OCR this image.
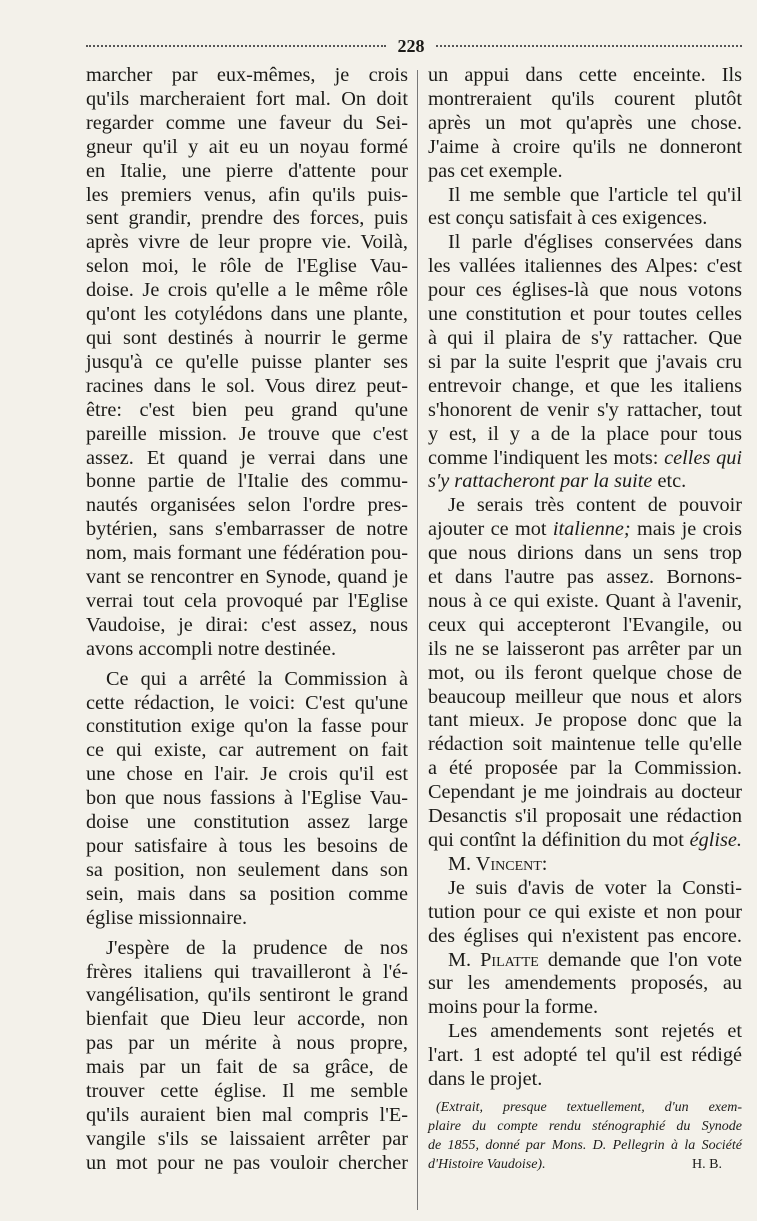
228

marcher par eux-mêmes, je crois
qu'ils marcheraient fort mal. On doit
regarder comme une faveur du Sei-
gneur qu'il y ait eu un noyau formé
en Italie, une pierre d'attente pour
les premiers venus, afin qu'ils puis-
sent grandir, prendre des forces, puis
après vivre de leur propre vie. Voilà,
selon moi, le rôle de l'Eglise Vau-
doise. Je crois qu'elle a le même rôle
qu'ont les cotylédons dans une plante,
qui sont destinés à nourrir le germe
jusqu'à ce qu'elle puisse planter ses
racines dans le sol. Vous direz peut-
être: c'est bien peu grand qu'une
pareille mission. Je trouve que c'est
assez. Et quand je verrai dans une
bonne partie de l'Italie des commu-
nautés organisées selon l'ordre pres-
bytérien, sans s'embarrasser de notre
nom, mais formant une fédération pou-
vant se rencontrer en Synode, quand je
verrai tout cela provoqué par l'Eglise
Vaudoise, je dirai: c'est assez, nous
avons accompli notre destinée.

Ce qui a arrêté la Commission à
cette rédaction, le voici: C'est qu'une
constitution exige qu'on la fasse pour
ce qui existe, car autrement on fait
une chose en l'air. Je crois qu'il est
bon que nous fassions à l'Eglise Vau-
doise une constitution assez large
pour satisfaire à tous les besoins de
sa position, non seulement dans son
sein, mais dans sa position comme
église missionnaire.

J'espère de la prudence de nos
frères italiens qui travailleront à l'é-
vangélisation, qu'ils sentiront le grand
bienfait que Dieu leur accorde, non
pas par un mérite à nous propre,
mais par un fait de sa grâce, de
trouver cette église. Il me semble
qu'ils auraient bien mal compris l'E-
vangile s'ils se laissaient arrêter par
un mot pour ne pas vouloir chercher

un appui dans cette enceinte. Ils
montreraient qu'ils courent plutôt
après un mot qu'après une chose.
J'aime à croire qu'ils ne donneront
pas cet exemple.

Il me semble que l'article tel qu'il
est conçu satisfait à ces exigences.

Il parle d'églises conservées dans
les vallées italiennes des Alpes: c'est
pour ces églises-là que nous votons
une constitution et pour toutes celles
à qui il plaira de s'y rattacher. Que
si par la suite l'esprit que j'avais cru
entrevoir change, et que les italiens
s'honorent de venir s'y rattacher, tout
y est, il y a de la place pour tous
comme l'indiquent les mots: celles qui
s'y rattacheront par la suite etc.

Je serais très content de pouvoir
ajouter ce mot italienne; mais je crois
que nous dirions dans un sens trop
et dans l'autre pas assez. Bornons-
nous à ce qui existe. Quant à l'avenir,
ceux qui accepteront l'Evangile, ou
ils ne se laisseront pas arrêter par un
mot, ou ils feront quelque chose de
beaucoup meilleur que nous et alors
tant mieux. Je propose donc que la
rédaction soit maintenue telle qu'elle
a été proposée par la Commission.
Cependant je me joindrais au docteur
Desanctis s'il proposait une rédaction
qui contînt la définition du mot église.

M. Vincent:

Je suis d'avis de voter la Consti-
tution pour ce qui existe et non pour
des églises qui n'existent pas encore.

M. Pilatte demande que l'on vote
sur les amendements proposés, au
moins pour la forme.

Les amendements sont rejetés et
l'art. 1 est adopté tel qu'il est rédigé
dans le projet.

(Extrait, presque textuellement, d'un exem-
plaire du compte rendu sténographié du Synode
de 1855, donné par Mons. D. Pellegrin à la Société
d'Histoire Vaudoise).	H. B.
